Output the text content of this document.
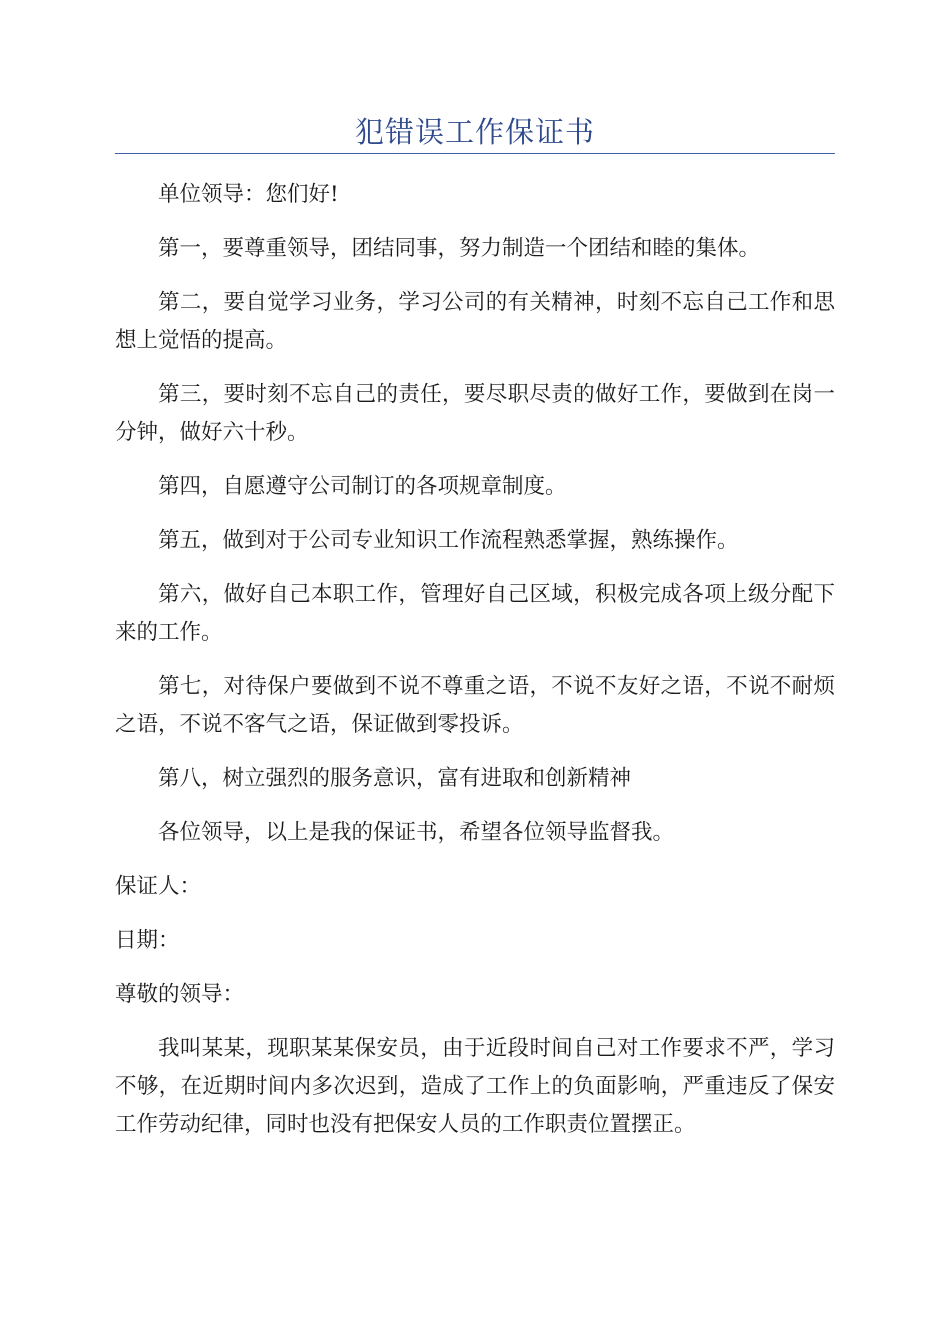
犯错误工作保证书

单位领导：您们好!

第一，要尊重领导，团结同事，努力制造一个团结和睦的集体。

第二，要自觉学习业务，学习公司的有关精神，时刻不忘自己工作和思想上觉悟的提高。

第三，要时刻不忘自己的责任，要尽职尽责的做好工作，要做到在岗一分钟，做好六十秒。

第四，自愿遵守公司制订的各项规章制度。

第五，做到对于公司专业知识工作流程熟悉掌握，熟练操作。

第六，做好自己本职工作，管理好自己区域，积极完成各项上级分配下来的工作。

第七，对待保户要做到不说不尊重之语，不说不友好之语，不说不耐烦之语，不说不客气之语，保证做到零投诉。

第八，树立强烈的服务意识，富有进取和创新精神

各位领导，以上是我的保证书，希望各位领导监督我。

保证人：

日期：

尊敬的领导：

我叫某某，现职某某保安员，由于近段时间自己对工作要求不严，学习不够，在近期时间内多次迟到，造成了工作上的负面影响，严重违反了保安工作劳动纪律，同时也没有把保安人员的工作职责位置摆正。
